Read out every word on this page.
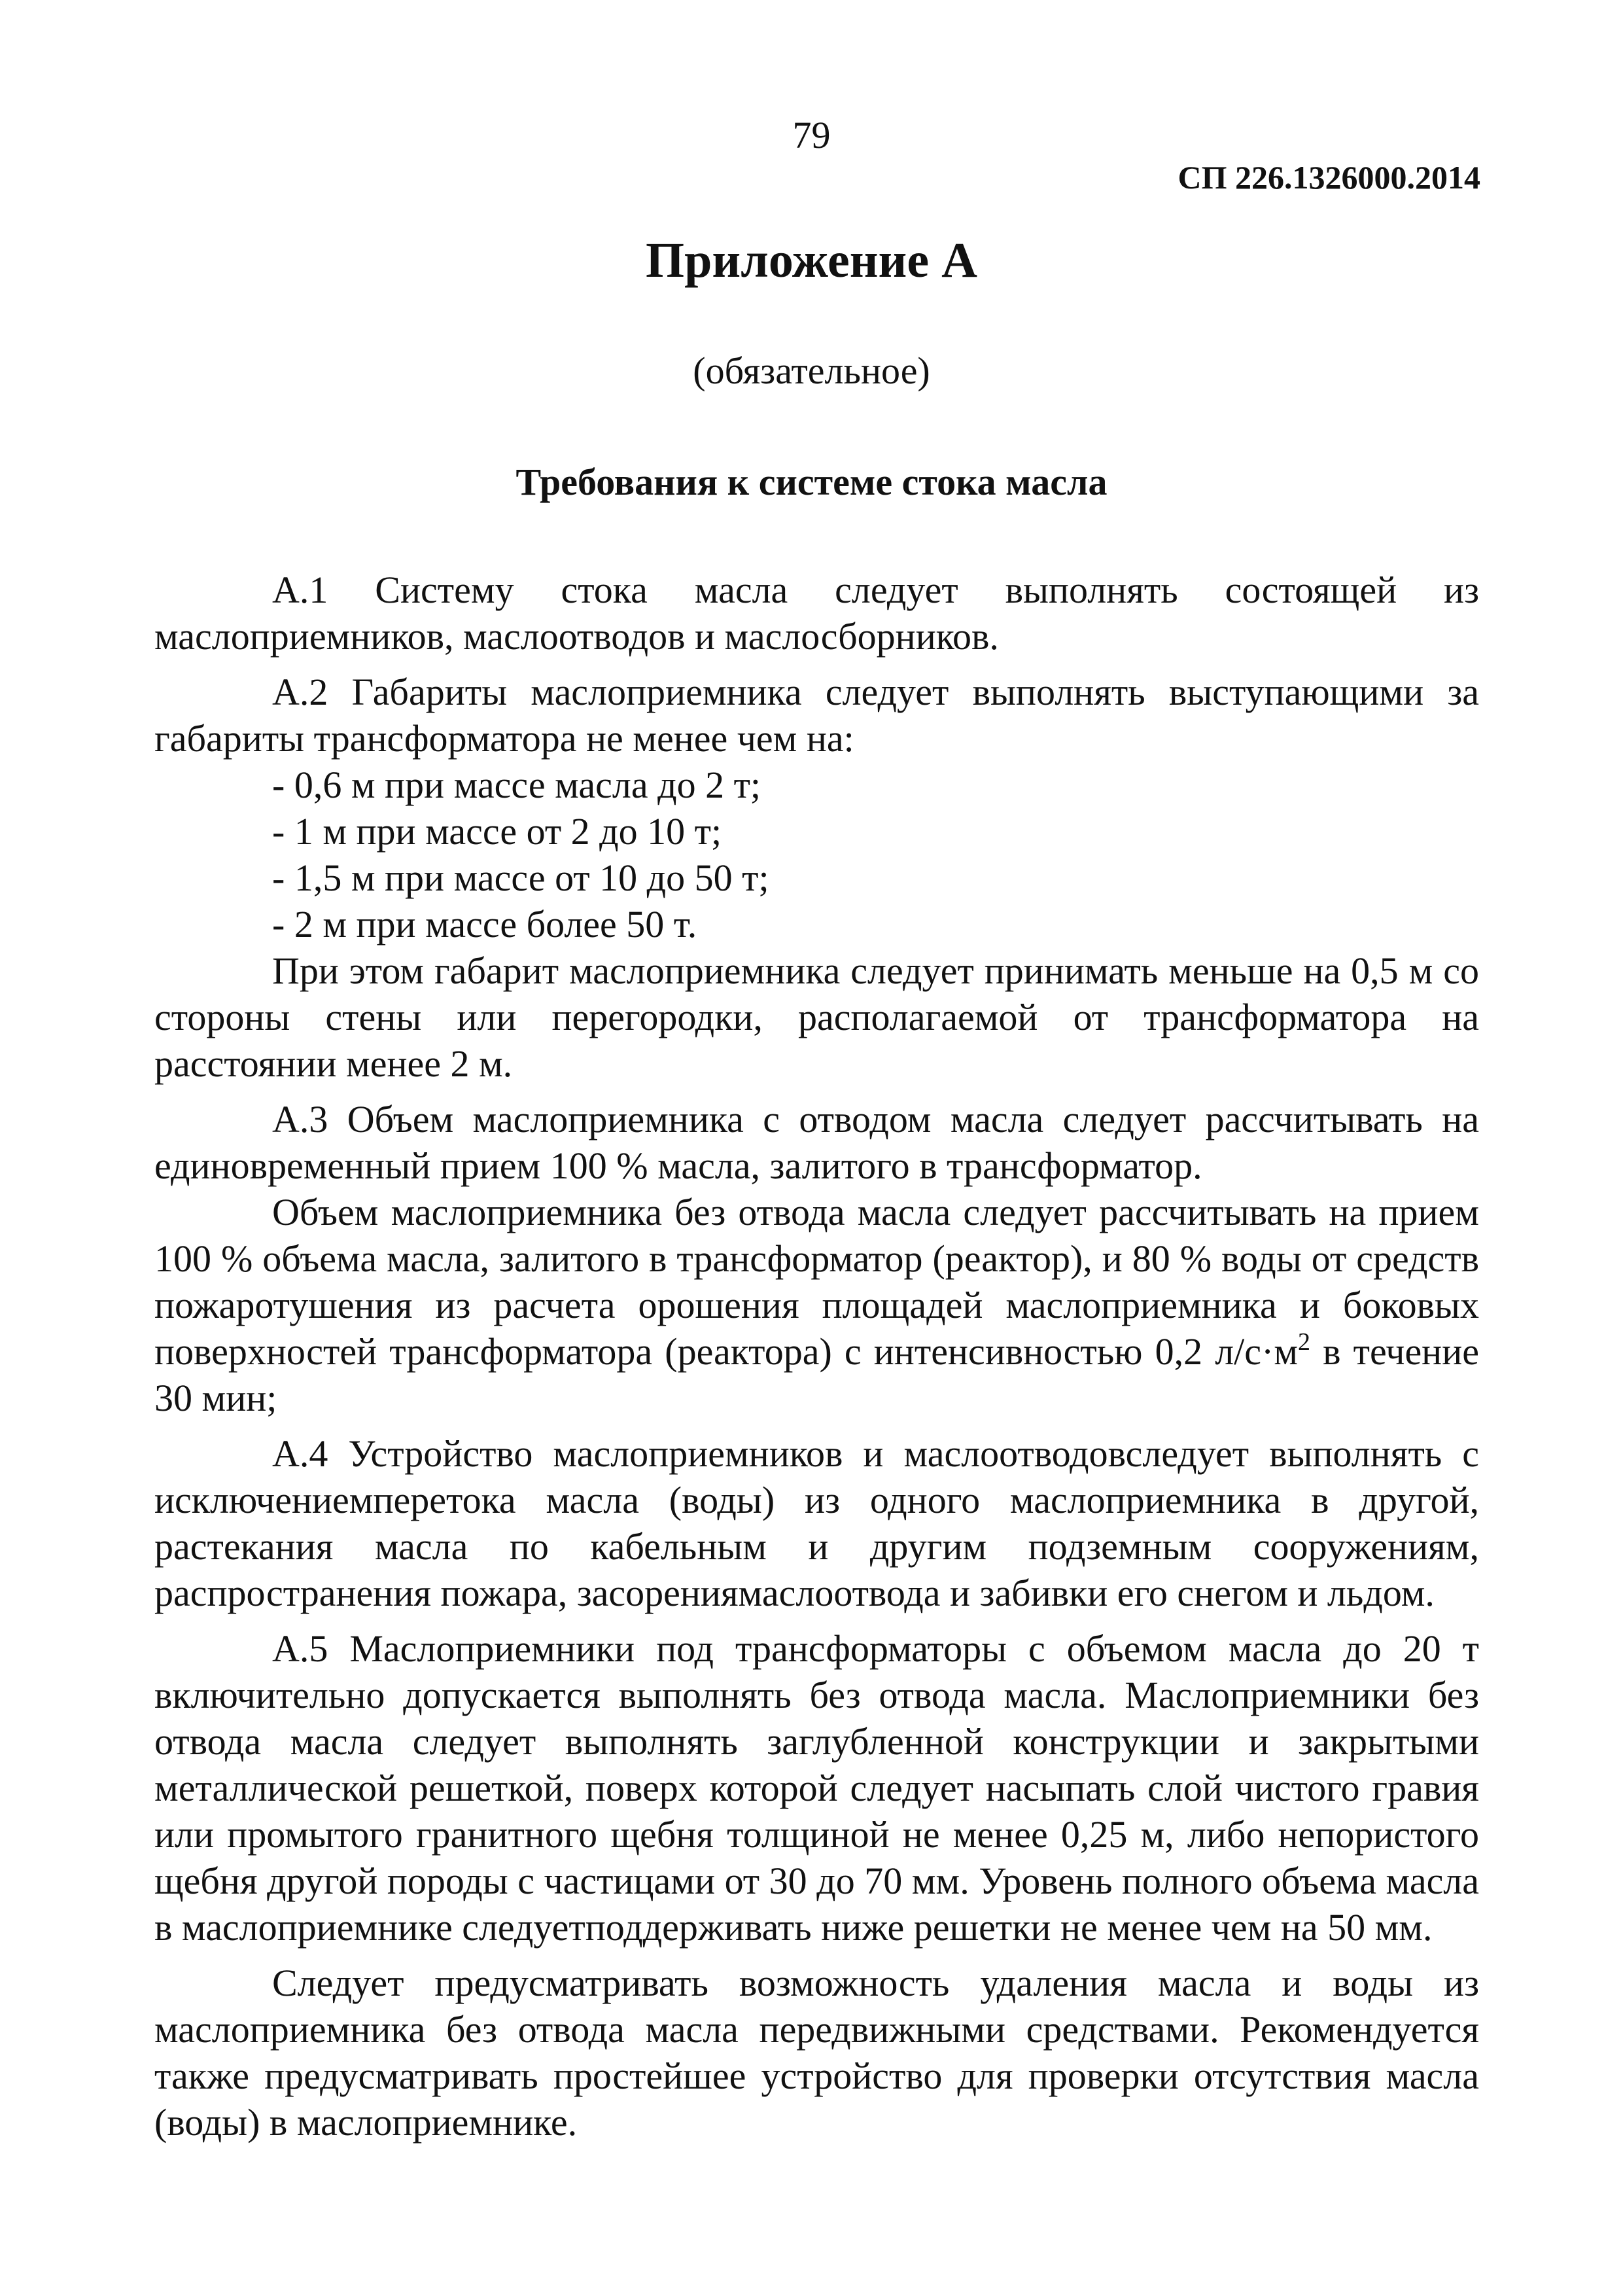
79
СП 226.1326000.2014
Приложение А
(обязательное)
Требования к системе стока масла

А.1 Систему стока масла следует выполнять состоящей из маслоприемников, маслоотводов и маслосборников.

А.2 Габариты маслоприемника следует выполнять выступающими за габариты трансформатора не менее чем на:

- 0,6 м при массе масла до 2 т;

- 1 м при массе от 2 до 10 т;

- 1,5 м при массе от 10 до 50 т;

- 2 м при массе более 50 т.

При этом габарит маслоприемника следует принимать меньше на 0,5 м со стороны стены или перегородки, располагаемой от трансформатора на расстоянии менее 2 м.

А.3 Объем маслоприемника с отводом масла следует рассчитывать на единовременный прием 100 % масла, залитого в трансформатор.

Объем маслоприемника без отвода масла следует рассчитывать на прием 100 % объема масла, залитого в трансформатор (реактор), и 80 % воды от средств пожаротушения из расчета орошения площадей маслоприемника и боковых поверхностей трансформатора (реактора) с интенсивностью 0,2 $л/с\cdot м^2$ в течение 30 мин;

А.4 Устройство маслоприемников и маслоотводовследует выполнять с исключениемперетока масла (воды) из одного маслоприемника в другой, растекания масла по кабельным и другим подземным сооружениям, распространения пожара, засорениямаслоотвода и забивки его снегом и льдом.

А.5 Маслоприемники под трансформаторы с объемом масла до 20 т включительно допускается выполнять без отвода масла. Маслоприемники без отвода масла следует выполнять заглубленной конструкции и закрытыми металлической решеткой, поверх которой следует насыпать слой чистого гравия или промытого гранитного щебня толщиной не менее 0,25 м, либо непористого щебня другой породы с частицами от 30 до 70 мм. Уровень полного объема масла в маслоприемнике следуетподдерживать ниже решетки не менее чем на 50 мм.

Следует предусматривать возможность удаления масла и воды из маслоприемника без отвода масла передвижными средствами. Рекомендуется также предусматривать простейшее устройство для проверки отсутствия масла (воды) в маслоприемнике.
